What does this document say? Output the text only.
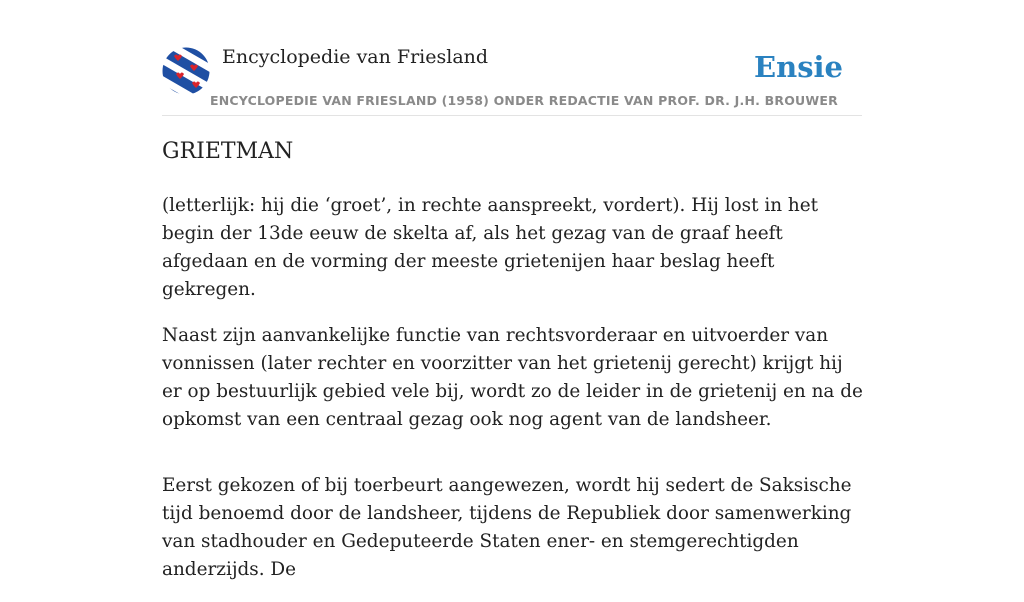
Encyclopedie van Friesland
ENCYCLOPEDIE VAN FRIESLAND (1958) ONDER REDACTIE VAN PROF. DR. J.H. BROUWER
Ensie
GRIETMAN

(letterlijk: hij die ‘groet’, in rechte aanspreekt, vordert). Hij lost in het begin der 13de eeuw de skelta af, als het gezag van de graaf heeft afgedaan en de vorming der meeste grietenijen haar beslag heeft gekregen.

Naast zijn aanvankelijke functie van rechtsvorderaar en uitvoerder van vonnissen (later rechter en voorzitter van het grietenij gerecht) krijgt hij er op bestuurlijk gebied vele bij, wordt zo de leider in de grietenij en na de opkomst van een centraal gezag ook nog agent van de landsheer.

Eerst gekozen of bij toerbeurt aangewezen, wordt hij sedert de Saksische tijd benoemd door de landsheer, tijdens de Republiek door samenwerking van stadhouder en Gedeputeerde Staten ener- en stemgerechtigden anderzijds. De
